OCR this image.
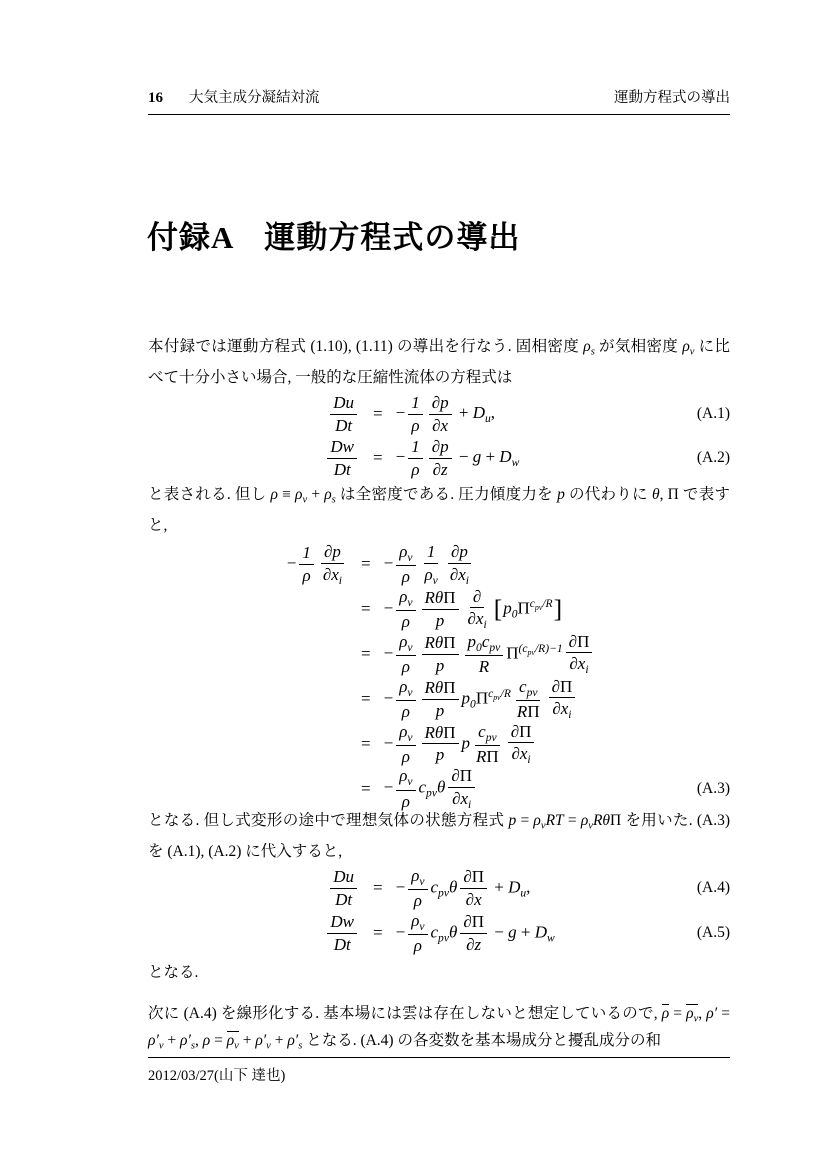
16 大気主成分凝結対流	運動方程式の導出
付録A 運動方程式の導出

本付録では運動方程式 (1.10), (1.11) の導出を行なう. 固相密度 $\rho_s$ が気相密度 $\rho_v$ に比べて十分小さい場合, 一般的な圧縮性流体の方程式は

$\frac{Du}{Dt}$ = − $\frac{1}{\rho} \frac{\partial p}{\partial x} + D_u$,	(A.1)
$\frac{Dw}{Dt}$ = − $\frac{1}{\rho} \frac{\partial p}{\partial z} - g + D_w$	(A.2)

と表される. 但し $\rho \equiv \rho_v + \rho_s$ は全密度である. 圧力傾度力を p の代わりに θ, Π で表すと,

− $\frac{1}{\rho} \frac{\partial p}{\partial x_i}$ = − $\frac{\rho_v}{\rho} \frac{1}{\rho_v} \frac{\partial p}{\partial x_i}$
= − $\frac{\rho_v}{\rho} \frac{\text{RθΠ}}{p} \frac{\partial}{\partial x_i} [p_0\Pi^{c_{pv}/R}]$
= − $\frac{\rho_v}{\rho} \frac{\text{RθΠ}}{p} \frac{p_0c_{pv}}{R} \Pi^{(c_{pv}/R)-1} \frac{\partial\Pi}{\partial x_i}$
= − $\frac{\rho_v}{\rho} \frac{\text{RθΠ}}{p} p_0\Pi^{c_{pv}/R} \frac{c_{pv}}{R\Pi} \frac{\partial\Pi}{\partial x_i}$
= − $\frac{\rho_v}{\rho} \frac{\text{RθΠ}}{p}$ p $\frac{c_{pv}}{R\Pi} \frac{\partial\Pi}{\partial x_i}$
= − $\frac{\rho_v}{\rho} c_{pv}\theta \frac{\partial\Pi}{\partial x_i}$	(A.3)

となる. 但し式変形の途中で理想気体の状態方程式 $p = \rho_vRT = \rho_vR\theta\Pi$ を用いた. (A.3) を (A.1), (A.2) に代入すると,

$\frac{Du}{Dt}$ = − $\frac{\rho_v}{\rho} c_{pv}\theta \frac{\partial\Pi}{\partial x} + D_u$,	(A.4)
$\frac{Dw}{Dt}$ = − $\frac{\rho_v}{\rho} c_{pv}\theta \frac{\partial\Pi}{\partial z} - g + D_w$	(A.5)

となる.

次に (A.4) を線形化する. 基本場には雲は存在しないと想定しているので, $\rho = \rho_v$, $\rho' = \rho'_v + \rho'_s$, $\rho = \rho_v + \rho'_v + \rho'_s$ となる. (A.4) の各変数を基本場成分と擾乱成分の和

2012/03/27(山下 達也)
